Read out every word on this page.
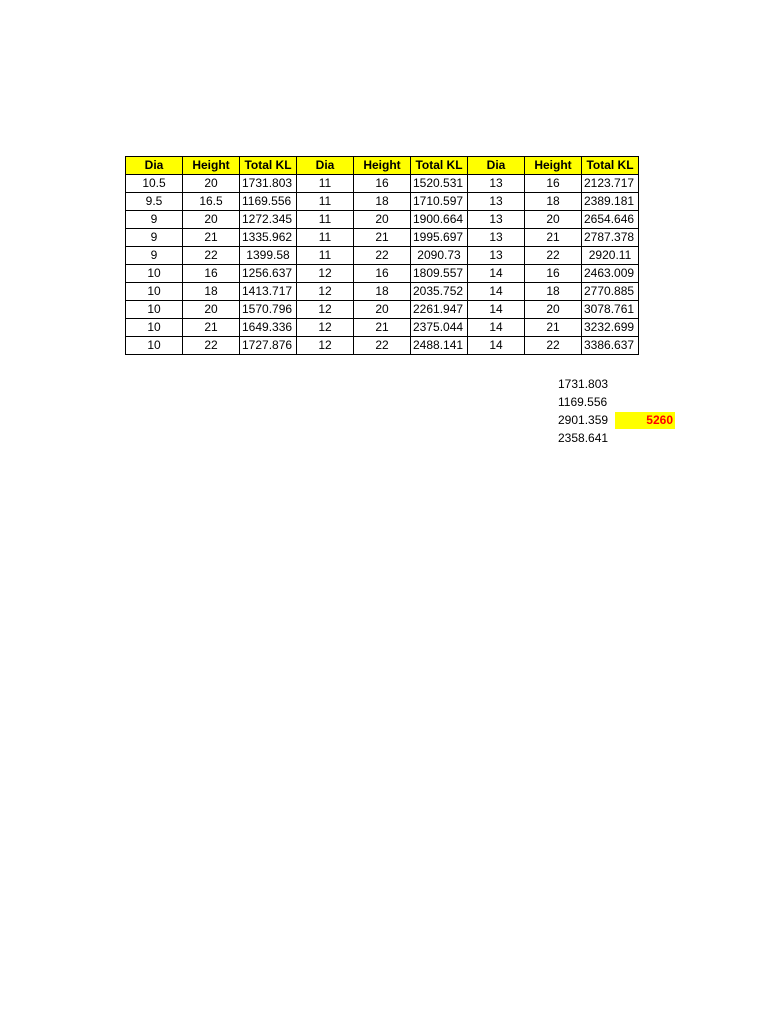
Dia	Height	Total KL	Dia	Height	Total KL	Dia	Height	Total KL
10.5	20	1731.803	11	16	1520.531	13	16	2123.717
9.5	16.5	1169.556	11	18	1710.597	13	18	2389.181
9	20	1272.345	11	20	1900.664	13	20	2654.646
9	21	1335.962	11	21	1995.697	13	21	2787.378
9	22	1399.58	11	22	2090.73	13	22	2920.11
10	16	1256.637	12	16	1809.557	14	16	2463.009
10	18	1413.717	12	18	2035.752	14	18	2770.885
10	20	1570.796	12	20	2261.947	14	20	3078.761
10	21	1649.336	12	21	2375.044	14	21	3232.699
10	22	1727.876	12	22	2488.141	14	22	3386.637
1731.803
1169.556
2901.359	5260
2358.641
